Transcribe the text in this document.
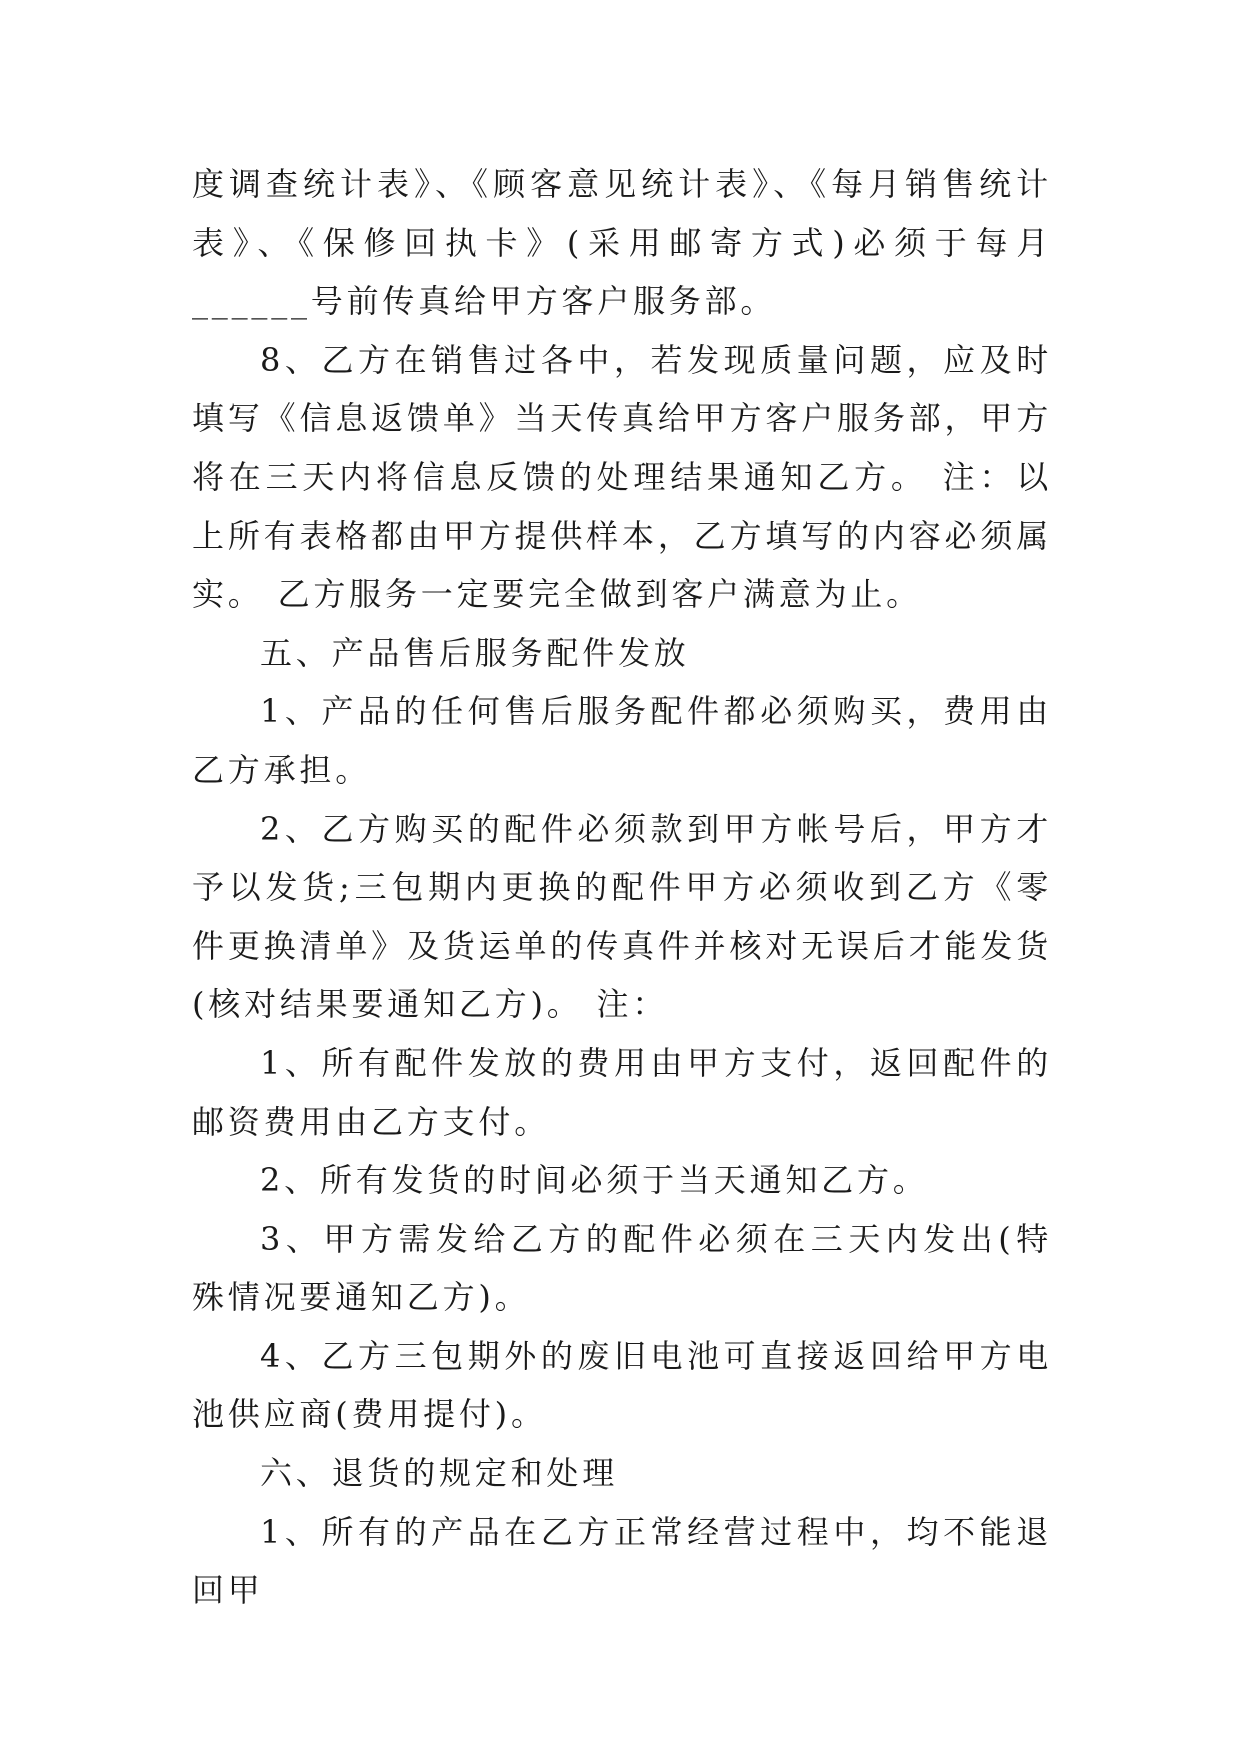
度调查统计表》、《顾客意见统计表》、《每月销售统计表》、《保修回执卡》(采用邮寄方式)必须于每月______号前传真给甲方客户服务部。

8、乙方在销售过各中，若发现质量问题，应及时填写《信息返馈单》当天传真给甲方客户服务部，甲方将在三天内将信息反馈的处理结果通知乙方。 注：以上所有表格都由甲方提供样本，乙方填写的内容必须属实。 乙方服务一定要完全做到客户满意为止。

五、产品售后服务配件发放

1、产品的任何售后服务配件都必须购买，费用由乙方承担。

2、乙方购买的配件必须款到甲方帐号后，甲方才予以发货;三包期内更换的配件甲方必须收到乙方《零件更换清单》及货运单的传真件并核对无误后才能发货(核对结果要通知乙方)。 注：

1、所有配件发放的费用由甲方支付，返回配件的邮资费用由乙方支付。

2、所有发货的时间必须于当天通知乙方。

3、甲方需发给乙方的配件必须在三天内发出(特殊情况要通知乙方)。

4、乙方三包期外的废旧电池可直接返回给甲方电池供应商(费用提付)。

六、退货的规定和处理

1、所有的产品在乙方正常经营过程中，均不能退回甲
